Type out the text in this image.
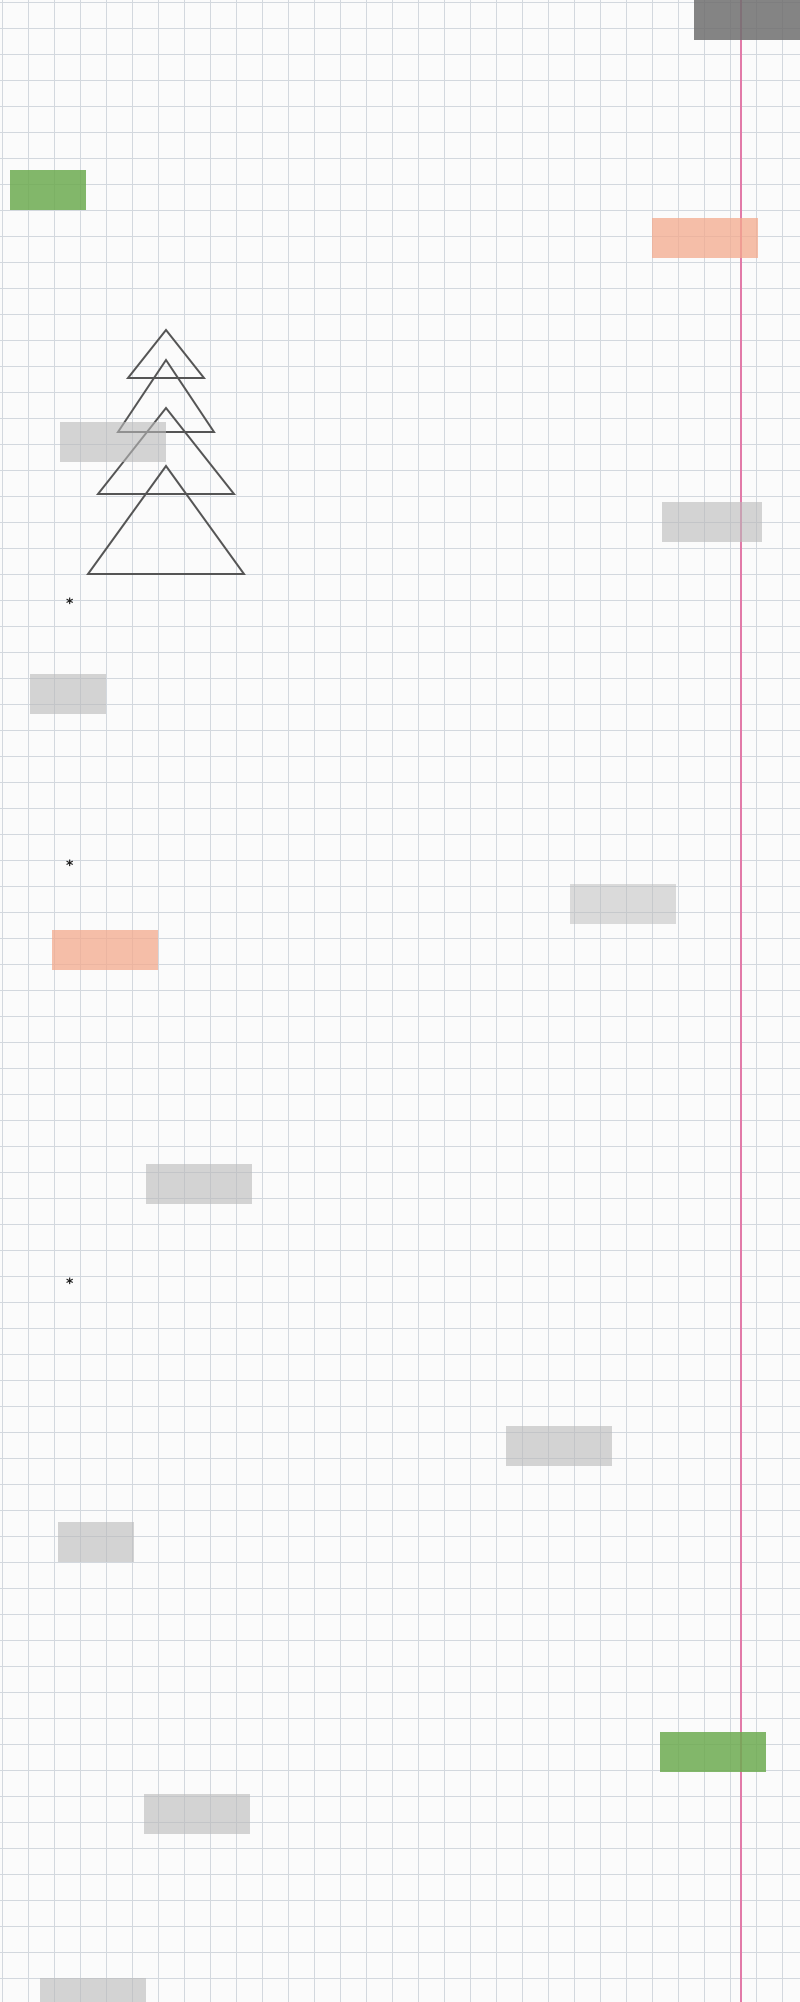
*
*
*
